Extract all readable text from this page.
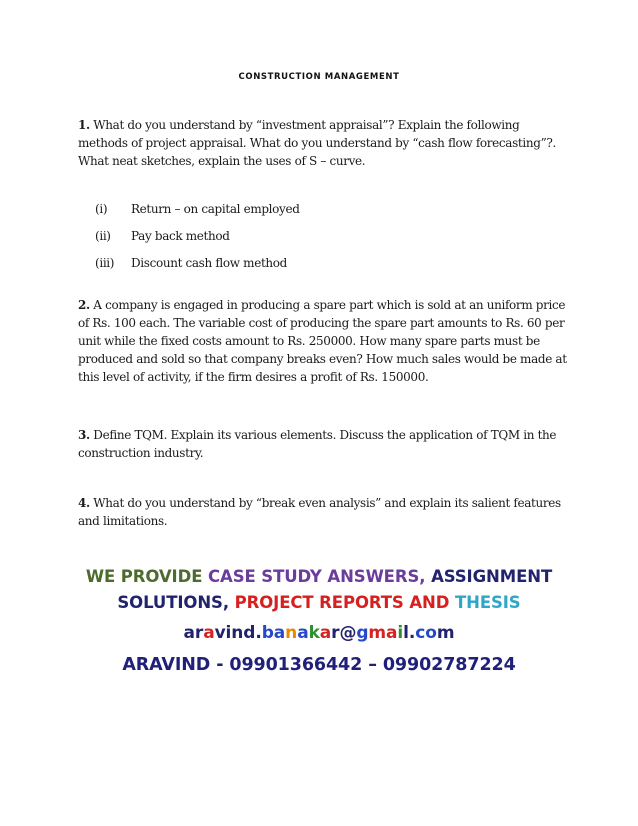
CONSTRUCTION MANAGEMENT

1. What do you understand by “investment appraisal”? Explain the following methods of project appraisal. What do you understand by “cash flow forecasting”?. What neat sketches, explain the uses of S – curve.

(i)	Return – on capital employed
(ii)	Pay back method
(iii)	Discount cash flow method

2. A company is engaged in producing a spare part which is sold at an uniform price of Rs. 100 each. The variable cost of producing the spare part amounts to Rs. 60 per unit while the fixed costs amount to Rs. 250000. How many spare parts must be produced and sold so that company breaks even? How much sales would be made at this level of activity, if the firm desires a profit of Rs. 150000.

3. Define TQM. Explain its various elements. Discuss the application of TQM in the construction industry.

4. What do you understand by “break even analysis” and explain its salient features and limitations.

WE PROVIDE CASE STUDY ANSWERS, ASSIGNMENT
SOLUTIONS, PROJECT REPORTS AND THESIS
aravind.banakar@gmail.com
ARAVIND - 09901366442 – 09902787224
